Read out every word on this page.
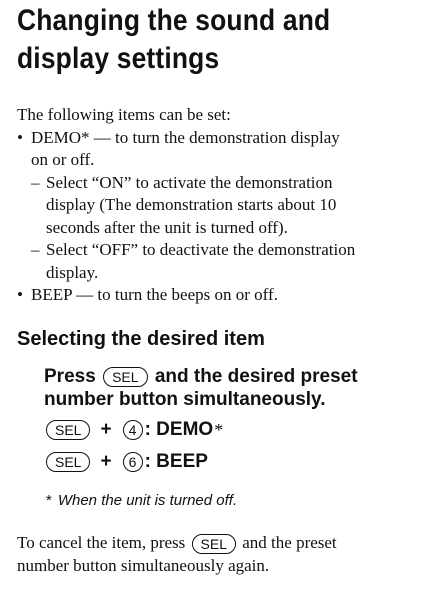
Changing the sound and
display settings
The following items can be set:
• DEMO* — to turn the demonstration display
on or off.
– Select “ON” to activate the demonstration
display (The demonstration starts about 10
seconds after the unit is turned off).
– Select “OFF” to deactivate the demonstration
display.
• BEEP — to turn the beeps on or off.
Selecting the desired item
Press SEL and the desired preset
number button simultaneously.
SEL	+	4 : DEMO *
SEL	+	6 : BEEP
* When the unit is turned off.
To cancel the item, press SEL and the preset
number button simultaneously again.
